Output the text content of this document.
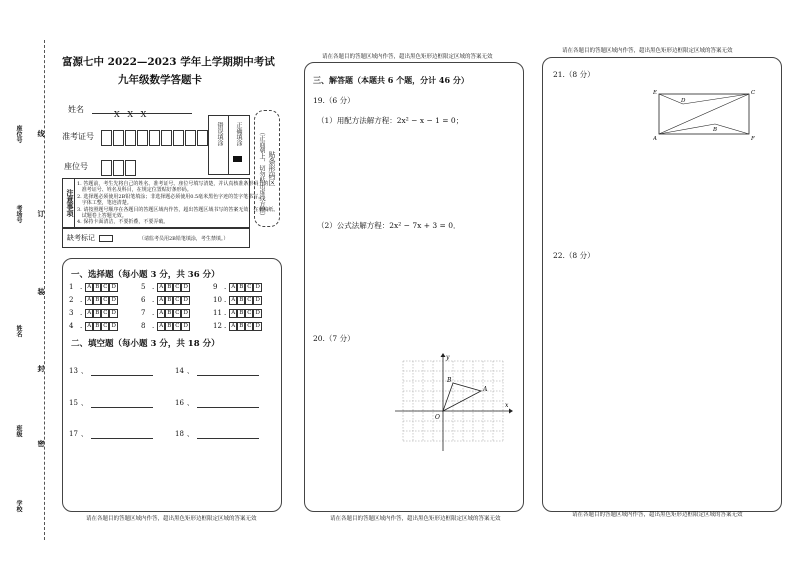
学校
班级
姓名
考场号
座位号 线
订
装
封
密
富源七中 2022—2023 学年上学期期中考试
九年级数学答题卡
姓名
X   X   X
准考证号
座位号
错误填涂 正确填涂
贴条形码区
（正面朝上，切勿贴出虚线方框）
注意事项
1. 答题前，考生先将自己的姓名、准考证号、座位号填写清楚，并认真核准条形码上的
准考证号、姓名及科目，在规定位置贴好条形码。
2. 选择题必须使用2B铅笔填涂；非选择题必须使用0.5毫米黑色字迹的签字笔书写，
字体工整，笔迹清楚。
3. 请按照题号顺序在各题目的答题区域内作答，超出答题区域书写的答案无效；在草稿纸、
试题卷上答题无效。
4. 保持卡面清洁，不要折叠，不要弄破。
缺考标记	（请监考员用2B铅笔填涂，考生禁填。）
一、选择题（每小题 3 分，共 36 分）
1 . A B C D
2 . A B C D
3 . A B C D
4 . A B C D
5 . A B C D
6 . A B C D
7 . A B C D
8 . A B C D
9 . A B C D
10 . A B C D
11 . A B C D
12 . A B C D
二、填空题（每小题 3 分，共 18 分）
13 、	14 、
15 、	16 、
17 、	18 、
请在各题目的答题区域内作答，超出黑色矩形边框限定区域的答案无效
请在各题目的答题区域内作答，超出黑色矩形边框限定区域的答案无效
三、解答题（本题共 6 个题，分计 46 分）
19.（6 分）
（1）用配方法解方程：2x² − x − 1 = 0；
（2）公式法解方程：2x² − 7x + 3 = 0．
20.（7 分）
y
x
O
A
B
请在各题目的答题区域内作答，超出黑色矩形边框限定区域的答案无效
请在各题目的答题区域内作答，超出黑色矩形边框限定区域的答案无效
21.（8 分）
E
D
C
A
B
F
22.（8 分）
请在各题目的答题区域内作答，超出黑色矩形边框限定区域的答案无效
